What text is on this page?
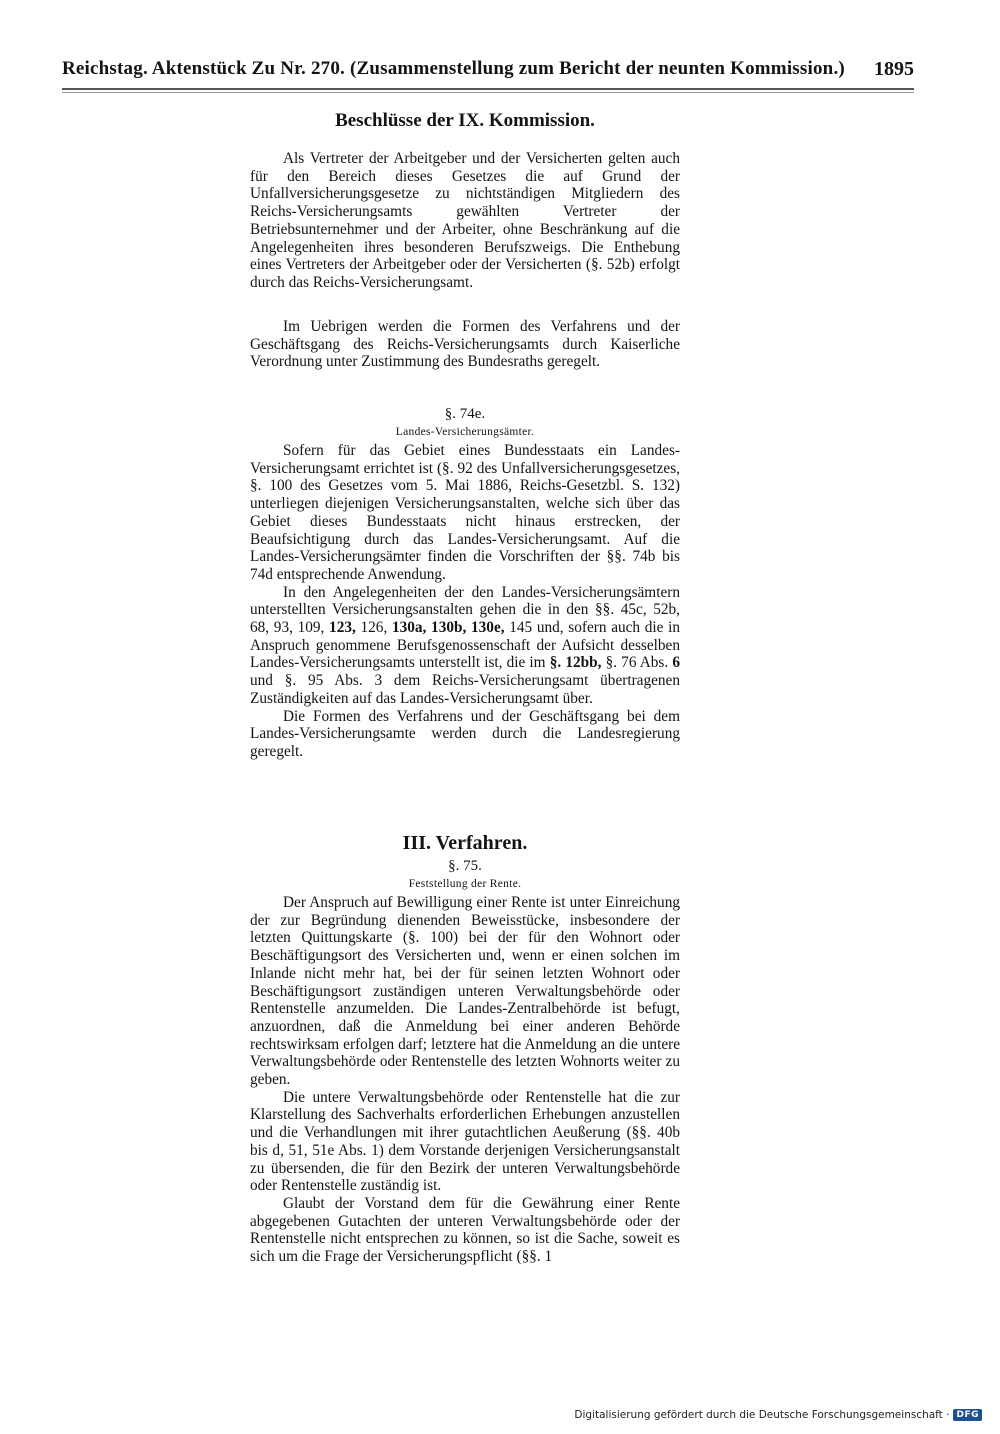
Reichstag. Aktenstück Zu Nr. 270. (Zusammenstellung zum Bericht der neunten Kommission.) 1895
Beschlüsse der IX. Kommission.

Als Vertreter der Arbeitgeber und der Versicherten gelten auch für den Bereich dieses Gesetzes die auf Grund der Unfallversicherungsgesetze zu nichtständigen Mitgliedern des Reichs-Versicherungsamts gewählten Vertreter der Betriebsunternehmer und der Arbeiter, ohne Beschränkung auf die Angelegenheiten ihres besonderen Berufszweigs. Die Enthebung eines Vertreters der Arbeitgeber oder der Versicherten (§. 52b) erfolgt durch das Reichs-Versicherungsamt.

Im Uebrigen werden die Formen des Verfahrens und der Geschäftsgang des Reichs-Versicherungsamts durch Kaiserliche Verordnung unter Zustimmung des Bundesraths geregelt.

§. 74e.
Landes-Versicherungsämter.

Sofern für das Gebiet eines Bundesstaats ein Landes-Versicherungsamt errichtet ist (§. 92 des Unfallversicherungsgesetzes, §. 100 des Gesetzes vom 5. Mai 1886, Reichs-Gesetzbl. S. 132) unterliegen diejenigen Versicherungsanstalten, welche sich über das Gebiet dieses Bundesstaats nicht hinaus erstrecken, der Beaufsichtigung durch das Landes-Versicherungsamt. Auf die Landes-Versicherungsämter finden die Vorschriften der §§. 74b bis 74d entsprechende Anwendung.

In den Angelegenheiten der den Landes-Versicherungsämtern unterstellten Versicherungsanstalten gehen die in den §§. 45c, 52b, 68, 93, 109, 123, 126, 130a, 130b, 130e, 145 und, sofern auch die in Anspruch genommene Berufsgenossenschaft der Aufsicht desselben Landes-Versicherungsamts unterstellt ist, die im §. 12bb, §. 76 Abs. 6 und §. 95 Abs. 3 dem Reichs-Versicherungsamt übertragenen Zuständigkeiten auf das Landes-Versicherungsamt über.

Die Formen des Verfahrens und der Geschäftsgang bei dem Landes-Versicherungsamte werden durch die Landesregierung geregelt.

III. Verfahren.
§. 75.
Feststellung der Rente.

Der Anspruch auf Bewilligung einer Rente ist unter Einreichung der zur Begründung dienenden Beweisstücke, insbesondere der letzten Quittungskarte (§. 100) bei der für den Wohnort oder Beschäftigungsort des Versicherten und, wenn er einen solchen im Inlande nicht mehr hat, bei der für seinen letzten Wohnort oder Beschäftigungsort zuständigen unteren Verwaltungsbehörde oder Rentenstelle anzumelden. Die Landes-Zentralbehörde ist befugt, anzuordnen, daß die Anmeldung bei einer anderen Behörde rechtswirksam erfolgen darf; letztere hat die Anmeldung an die untere Verwaltungsbehörde oder Rentenstelle des letzten Wohnorts weiter zu geben.

Die untere Verwaltungsbehörde oder Rentenstelle hat die zur Klarstellung des Sachverhalts erforderlichen Erhebungen anzustellen und die Verhandlungen mit ihrer gutachtlichen Aeußerung (§§. 40b bis d, 51, 51e Abs. 1) dem Vorstande derjenigen Versicherungsanstalt zu übersenden, die für den Bezirk der unteren Verwaltungsbehörde oder Rentenstelle zuständig ist.

Glaubt der Vorstand dem für die Gewährung einer Rente abgegebenen Gutachten der unteren Verwaltungsbehörde oder der Rentenstelle nicht entsprechen zu können, so ist die Sache, soweit es sich um die Frage der Versicherungspflicht (§§. 1

Digitalisierung gefördert durch die Deutsche Forschungsgemeinschaft · DFG
